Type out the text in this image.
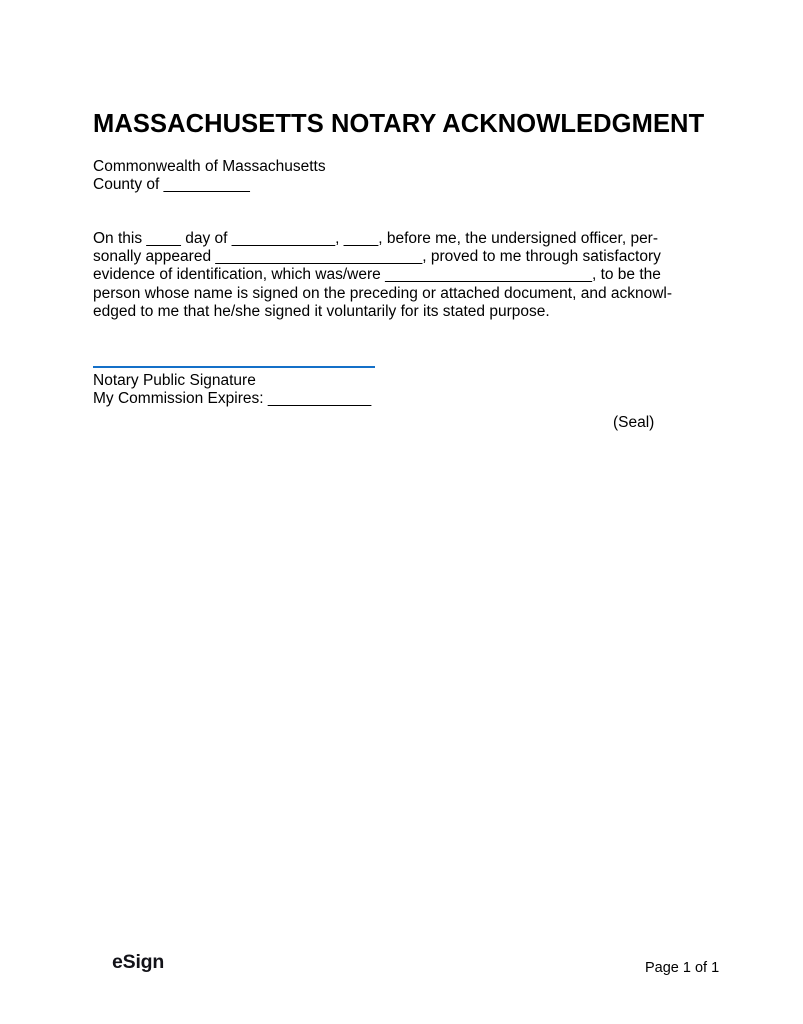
MASSACHUSETTS NOTARY ACKNOWLEDGMENT
Commonwealth of Massachusetts
County of __________
On this ____ day of ____________, ____, before me, the undersigned officer, per-
sonally appeared ________________________, proved to me through satisfactory
evidence of identification, which was/were ________________________, to be the
person whose name is signed on the preceding or attached document, and acknowl-
edged to me that he/she signed it voluntarily for its stated purpose.
Notary Public Signature
My Commission Expires: ____________
(Seal)
eSign	Page 1 of 1
